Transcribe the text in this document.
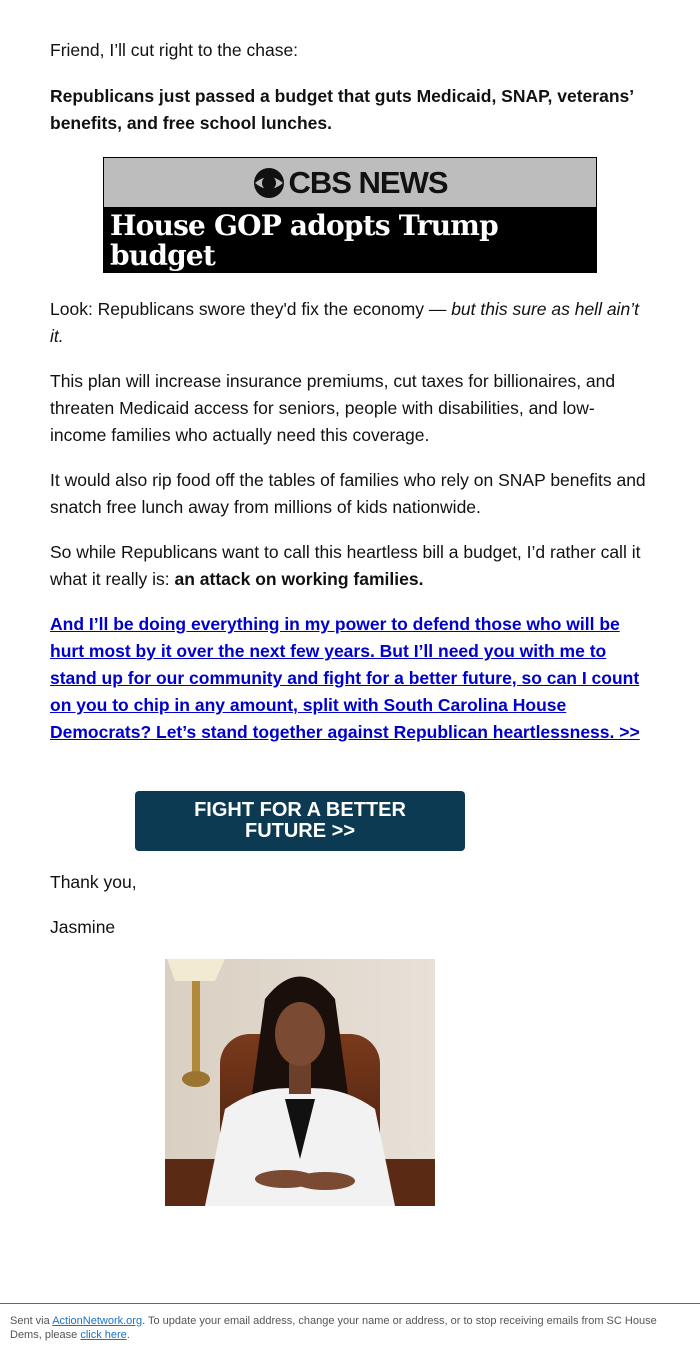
Friend, I’ll cut right to the chase:

Republicans just passed a budget that guts Medicaid, SNAP, veterans’ benefits, and free school lunches.

Look: Republicans swore they'd fix the economy — but this sure as hell ain’t it.

This plan will increase insurance premiums, cut taxes for billionaires, and threaten Medicaid access for seniors, people with disabilities, and low-income families who actually need this coverage.

It would also rip food off the tables of families who rely on SNAP benefits and snatch free lunch away from millions of kids nationwide.

So while Republicans want to call this heartless bill a budget, I’d rather call it what it really is: an attack on working families.

And I’ll be doing everything in my power to defend those who will be hurt most by it over the next few years. But I’ll need you with me to stand up for our community and fight for a better future, so can I count on you to chip in any amount, split with South Carolina House Democrats? Let’s stand together against Republican heartlessness. >>

Thank you,

Jasmine

CBS NEWS
House GOP adopts Trump budget
plan after conservatives fold
FIGHT FOR A BETTER FUTURE >>
Sent via ActionNetwork.org. To update your email address, change your name or address, or to stop receiving emails from SC House Dems, please click here.
